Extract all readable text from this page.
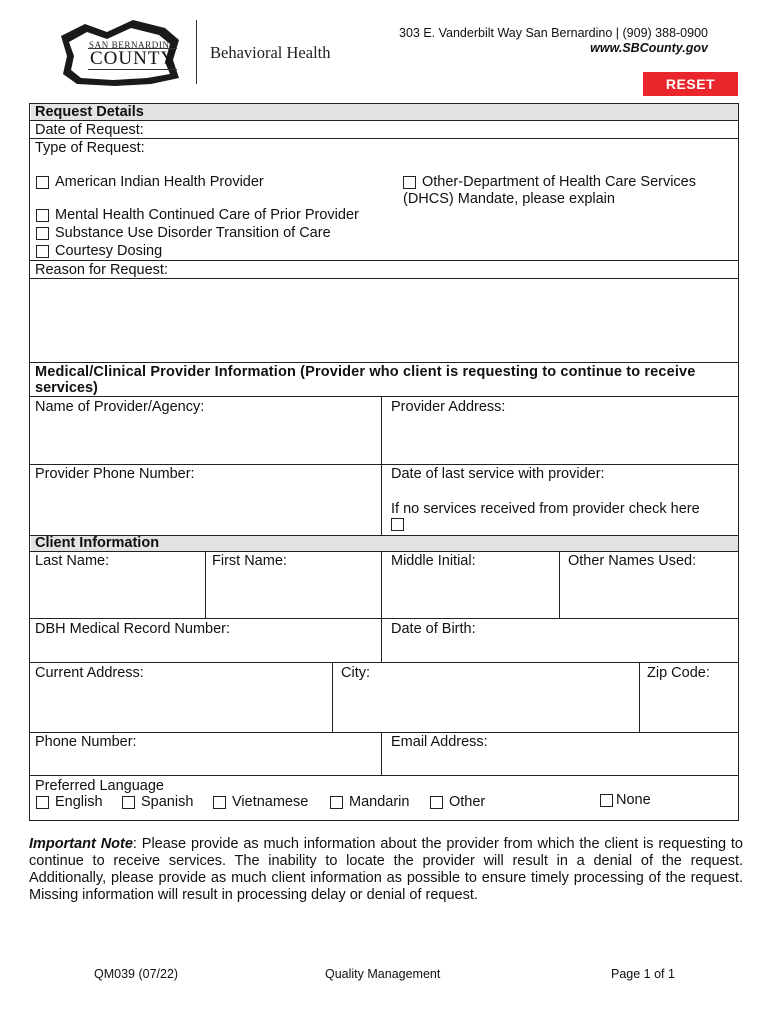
SAN BERNARDINO
COUNTY Behavioral Health
303 E. Vanderbilt Way San Bernardino | (909) 388-0900
www.SBCounty.gov
RESET
Request Details
Date of Request:
Type of Request:
American Indian Health Provider
Mental Health Continued Care of Prior Provider
Substance Use Disorder Transition of Care
Courtesy Dosing
Other-Department of Health Care Services
(DHCS) Mandate, please explain
Reason for Request:
Medical/Clinical Provider Information (Provider who client is requesting to continue to receive
services)
Name of Provider/Agency:	Provider Address:
Provider Phone Number:	Date of last service with provider:
If no services received from provider check here
Client Information
Last Name:	First Name:	Middle Initial:	Other Names Used:
DBH Medical Record Number:	Date of Birth:
Current Address:	City:	Zip Code:
Phone Number:	Email Address:
Preferred Language
English	Spanish	Vietnamese	Mandarin	Other	None
Important Note: Please provide as much information about the provider from which the client is requesting to continue to receive services. The inability to locate the provider will result in a denial of the request. Additionally, please provide as much client information as possible to ensure timely processing of the request. Missing information will result in processing delay or denial of request.
QM039 (07/22)	Quality Management	Page 1 of 1
